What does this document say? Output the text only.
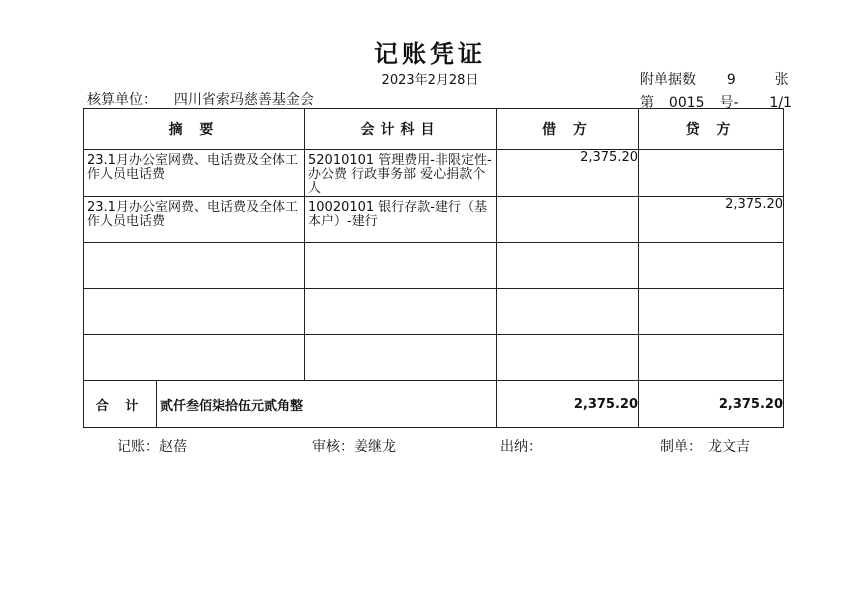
记账凭证
2023年2月28日
核算单位： 四川省索玛慈善基金会
附单据数 9	张
第 0015 号- 1/1
摘 要		会计科目	借 方	贷 方

23.1月办公室网费、电话费及全体工作人员电话费		52010101 管理费用-非限定性-办公费 行政事务部 爱心捐款个人	2,375.20	

23.1月办公室网费、电话费及全体工作人员电话费		10020101 银行存款-建行（基本户）-建行		2,375.20

合 计	贰仟叁佰柒拾伍元贰角整		2,375.20	2,375.20
记账：赵蓓	审核：姜继龙	出纳：	制单： 龙文吉
